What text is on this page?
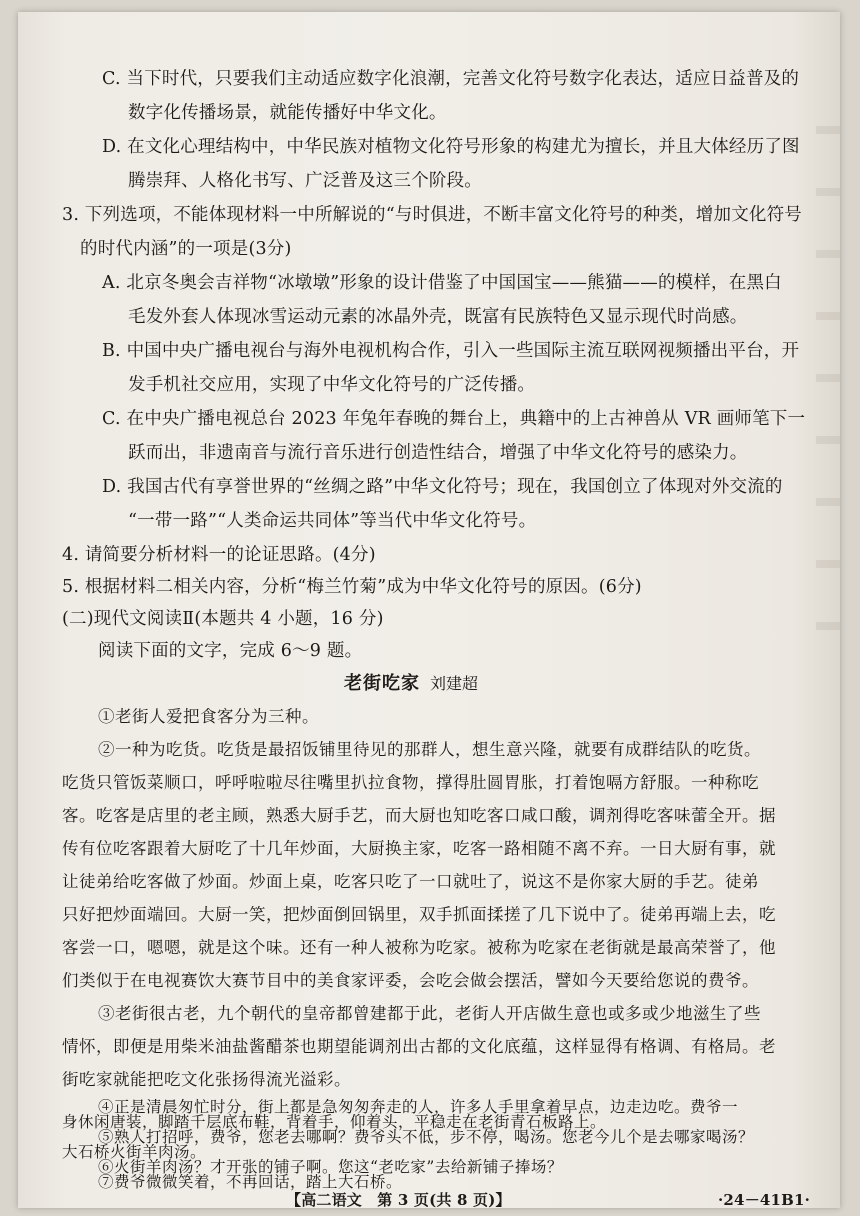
C. 当下时代，只要我们主动适应数字化浪潮，完善文化符号数字化表达，适应日益普及的
数字化传播场景，就能传播好中华文化。
D. 在文化心理结构中，中华民族对植物文化符号形象的构建尤为擅长，并且大体经历了图
腾崇拜、人格化书写、广泛普及这三个阶段。
3. 下列选项，不能体现材料一中所解说的“与时俱进，不断丰富文化符号的种类，增加文化符号
的时代内涵”的一项是(3分)
A. 北京冬奥会吉祥物“冰墩墩”形象的设计借鉴了中国国宝——熊猫——的模样，在黑白
毛发外套人体现冰雪运动元素的冰晶外壳，既富有民族特色又显示现代时尚感。
B. 中国中央广播电视台与海外电视机构合作，引入一些国际主流互联网视频播出平台，开
发手机社交应用，实现了中华文化符号的广泛传播。
C. 在中央广播电视总台 2023 年兔年春晚的舞台上，典籍中的上古神兽从 VR 画师笔下一
跃而出，非遗南音与流行音乐进行创造性结合，增强了中华文化符号的感染力。
D. 我国古代有享誉世界的“丝绸之路”中华文化符号；现在，我国创立了体现对外交流的
“一带一路”“人类命运共同体”等当代中华文化符号。
4. 请简要分析材料一的论证思路。(4分)
5. 根据材料二相关内容，分析“梅兰竹菊”成为中华文化符号的原因。(6分)
(二)现代文阅读Ⅱ(本题共 4 小题，16 分)
阅读下面的文字，完成 6～9 题。
老街吃家 刘建超
①老街人爱把食客分为三种。
②一种为吃货。吃货是最招饭铺里待见的那群人，想生意兴隆，就要有成群结队的吃货。
吃货只管饭菜顺口，呼呼啦啦尽往嘴里扒拉食物，撑得肚圆胃胀，打着饱嗝方舒服。一种称吃
客。吃客是店里的老主顾，熟悉大厨手艺，而大厨也知吃客口咸口酸，调剂得吃客味蕾全开。据
传有位吃客跟着大厨吃了十几年炒面，大厨换主家，吃客一路相随不离不弃。一日大厨有事，就
让徒弟给吃客做了炒面。炒面上桌，吃客只吃了一口就吐了，说这不是你家大厨的手艺。徒弟
只好把炒面端回。大厨一笑，把炒面倒回锅里，双手抓面揉搓了几下说中了。徒弟再端上去，吃
客尝一口，嗯嗯，就是这个味。还有一种人被称为吃家。被称为吃家在老街就是最高荣誉了，他
们类似于在电视赛饮大赛节目中的美食家评委，会吃会做会摆活，譬如今天要给您说的费爷。
③老街很古老，九个朝代的皇帝都曾建都于此，老街人开店做生意也或多或少地滋生了些
情怀，即便是用柴米油盐酱醋茶也期望能调剂出古都的文化底蕴，这样显得有格调、有格局。老
街吃家就能把吃文化张扬得流光溢彩。
④正是清晨匆忙时分，街上都是急匆匆奔走的人，许多人手里拿着早点，边走边吃。费爷一
身休闲唐装，脚踏千层底布鞋，背着手，仰着头，平稳走在老街青石板路上。
⑤熟人打招呼，费爷，您老去哪啊？费爷头不低，步不停，喝汤。您老今儿个是去哪家喝汤？
大石桥火街羊肉汤。
⑥火街羊肉汤？才开张的铺子啊。您这“老吃家”去给新铺子捧场？
⑦费爷微微笑着，不再回话，踏上大石桥。
【高二语文　第 3 页(共 8 页)】	·24－41B1·
